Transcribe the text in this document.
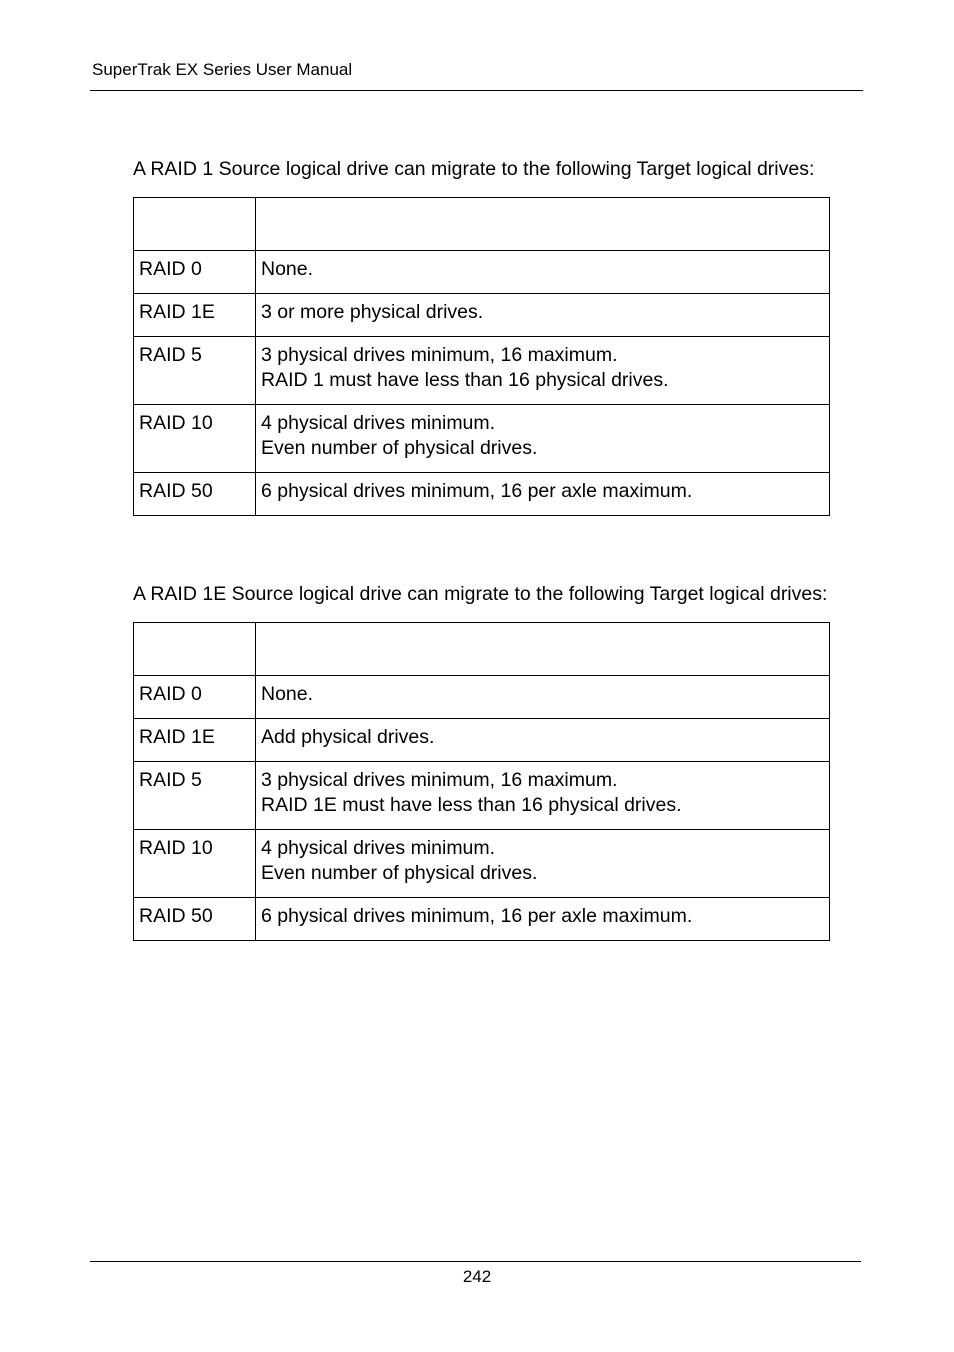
SuperTrak EX Series User Manual
A RAID 1 Source logical drive can migrate to the following Target logical drives:

RAID 0	None.

RAID 1E	3 or more physical drives.

RAID 5	3 physical drives minimum, 16 maximum.
RAID 1 must have less than 16 physical drives.

RAID 10	4 physical drives minimum.
Even number of physical drives.

RAID 50	6 physical drives minimum, 16 per axle maximum.
A RAID 1E Source logical drive can migrate to the following Target logical drives:

RAID 0	None.

RAID 1E	Add physical drives.

RAID 5	3 physical drives minimum, 16 maximum.
RAID 1E must have less than 16 physical drives.

RAID 10	4 physical drives minimum.
Even number of physical drives.

RAID 50	6 physical drives minimum, 16 per axle maximum.
242
